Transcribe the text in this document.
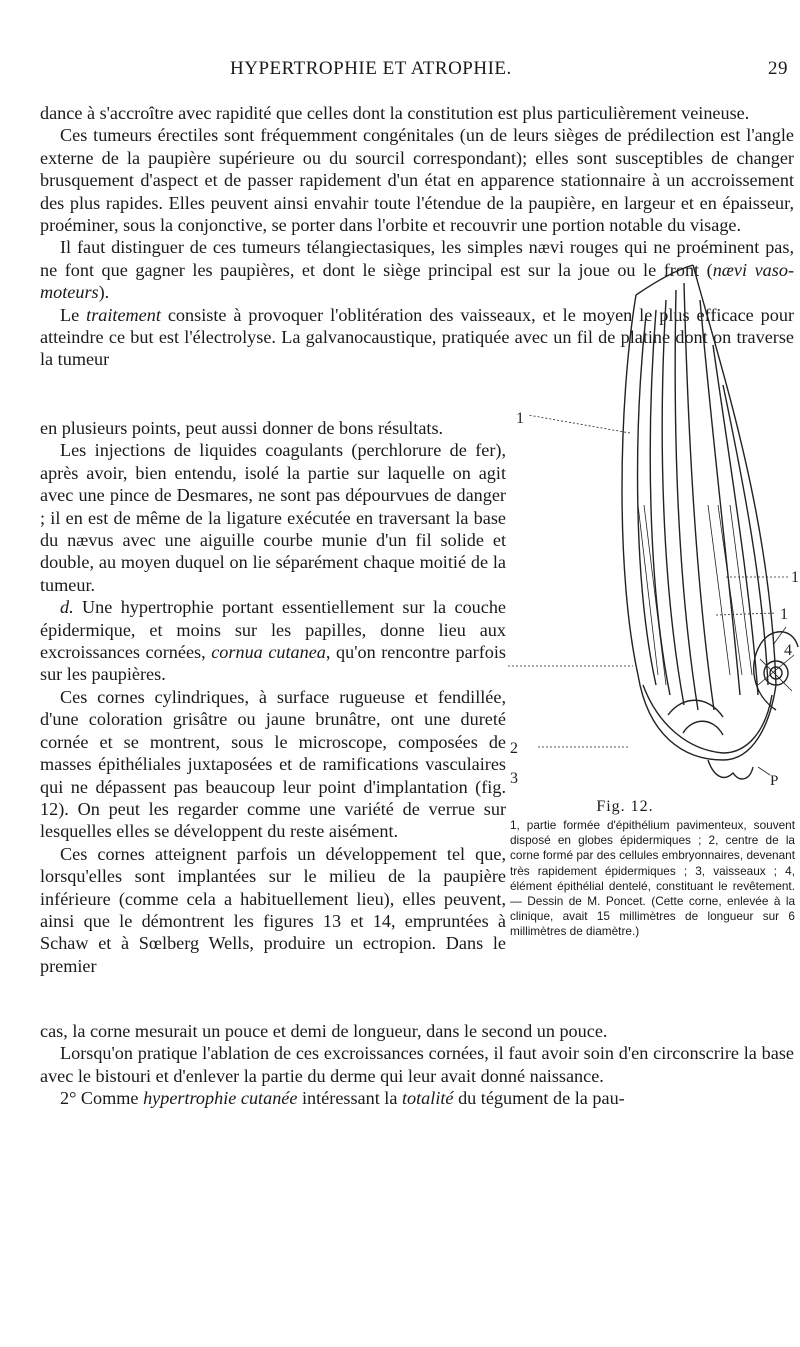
HYPERTROPHIE ET ATROPHIE.	29

dance à s'accroître avec rapidité que celles dont la constitution est plus particulièrement veineuse.

Ces tumeurs érectiles sont fréquemment congénitales (un de leurs sièges de prédilection est l'angle externe de la paupière supérieure ou du sourcil correspondant); elles sont susceptibles de changer brusquement d'aspect et de passer rapidement d'un état en apparence stationnaire à un accroissement des plus rapides. Elles peuvent ainsi envahir toute l'étendue de la paupière, en largeur et en épaisseur, proéminer, sous la conjonctive, se porter dans l'orbite et recouvrir une portion notable du visage.

Il faut distinguer de ces tumeurs télangiectasiques, les simples nævi rouges qui ne proéminent pas, ne font que gagner les paupières, et dont le siège principal est sur la joue ou le front (nævi vaso-moteurs).

Le traitement consiste à provoquer l'oblitération des vaisseaux, et le moyen le plus efficace pour atteindre ce but est l'électrolyse. La galvanocaustique, pratiquée avec un fil de platine dont on traverse la tumeur

en plusieurs points, peut aussi donner de bons résultats.

Les injections de liquides coagulants (perchlorure de fer), après avoir, bien entendu, isolé la partie sur laquelle on agit avec une pince de Desmares, ne sont pas dépourvues de danger ; il en est de même de la ligature exécutée en traversant la base du nævus avec une aiguille courbe munie d'un fil solide et double, au moyen duquel on lie séparément chaque moitié de la tumeur.

d. Une hypertrophie portant essentiellement sur la couche épidermique, et moins sur les papilles, donne lieu aux excroissances cornées, cornua cutanea, qu'on rencontre parfois sur les paupières.

Ces cornes cylindriques, à surface rugueuse et fendillée, d'une coloration grisâtre ou jaune brunâtre, ont une dureté cornée et se montrent, sous le microscope, composées de masses épithéliales juxtaposées et de ramifications vasculaires qui ne dépassent pas beaucoup leur point d'implantation (fig. 12). On peut les regarder comme une variété de verrue sur lesquelles elles se développent du reste aisément.

Ces cornes atteignent parfois un développement tel que, lorsqu'elles sont implantées sur le milieu de la paupière inférieure (comme cela a habituellement lieu), elles peuvent, ainsi que le démontrent les figures 13 et 14, empruntées à Schaw et à Sœlberg Wells, produire un ectropion. Dans le premier

1
1
1
4
2
3	P
Fig. 12.
1, partie formée d'épithélium pavimenteux, souvent disposé en globes épidermiques ; 2, centre de la corne formé par des cellules embryonnaires, devenant très rapidement épidermiques ; 3, vaisseaux ; 4, élément épithélial dentelé, constituant le revêtement. — Dessin de M. Poncet. (Cette corne, enlevée à la clinique, avait 15 millimètres de longueur sur 6 millimètres de diamètre.)

cas, la corne mesurait un pouce et demi de longueur, dans le second un pouce.

Lorsqu'on pratique l'ablation de ces excroissances cornées, il faut avoir soin d'en circonscrire la base avec le bistouri et d'enlever la partie du derme qui leur avait donné naissance.

2° Comme hypertrophie cutanée intéressant la totalité du tégument de la pau-
